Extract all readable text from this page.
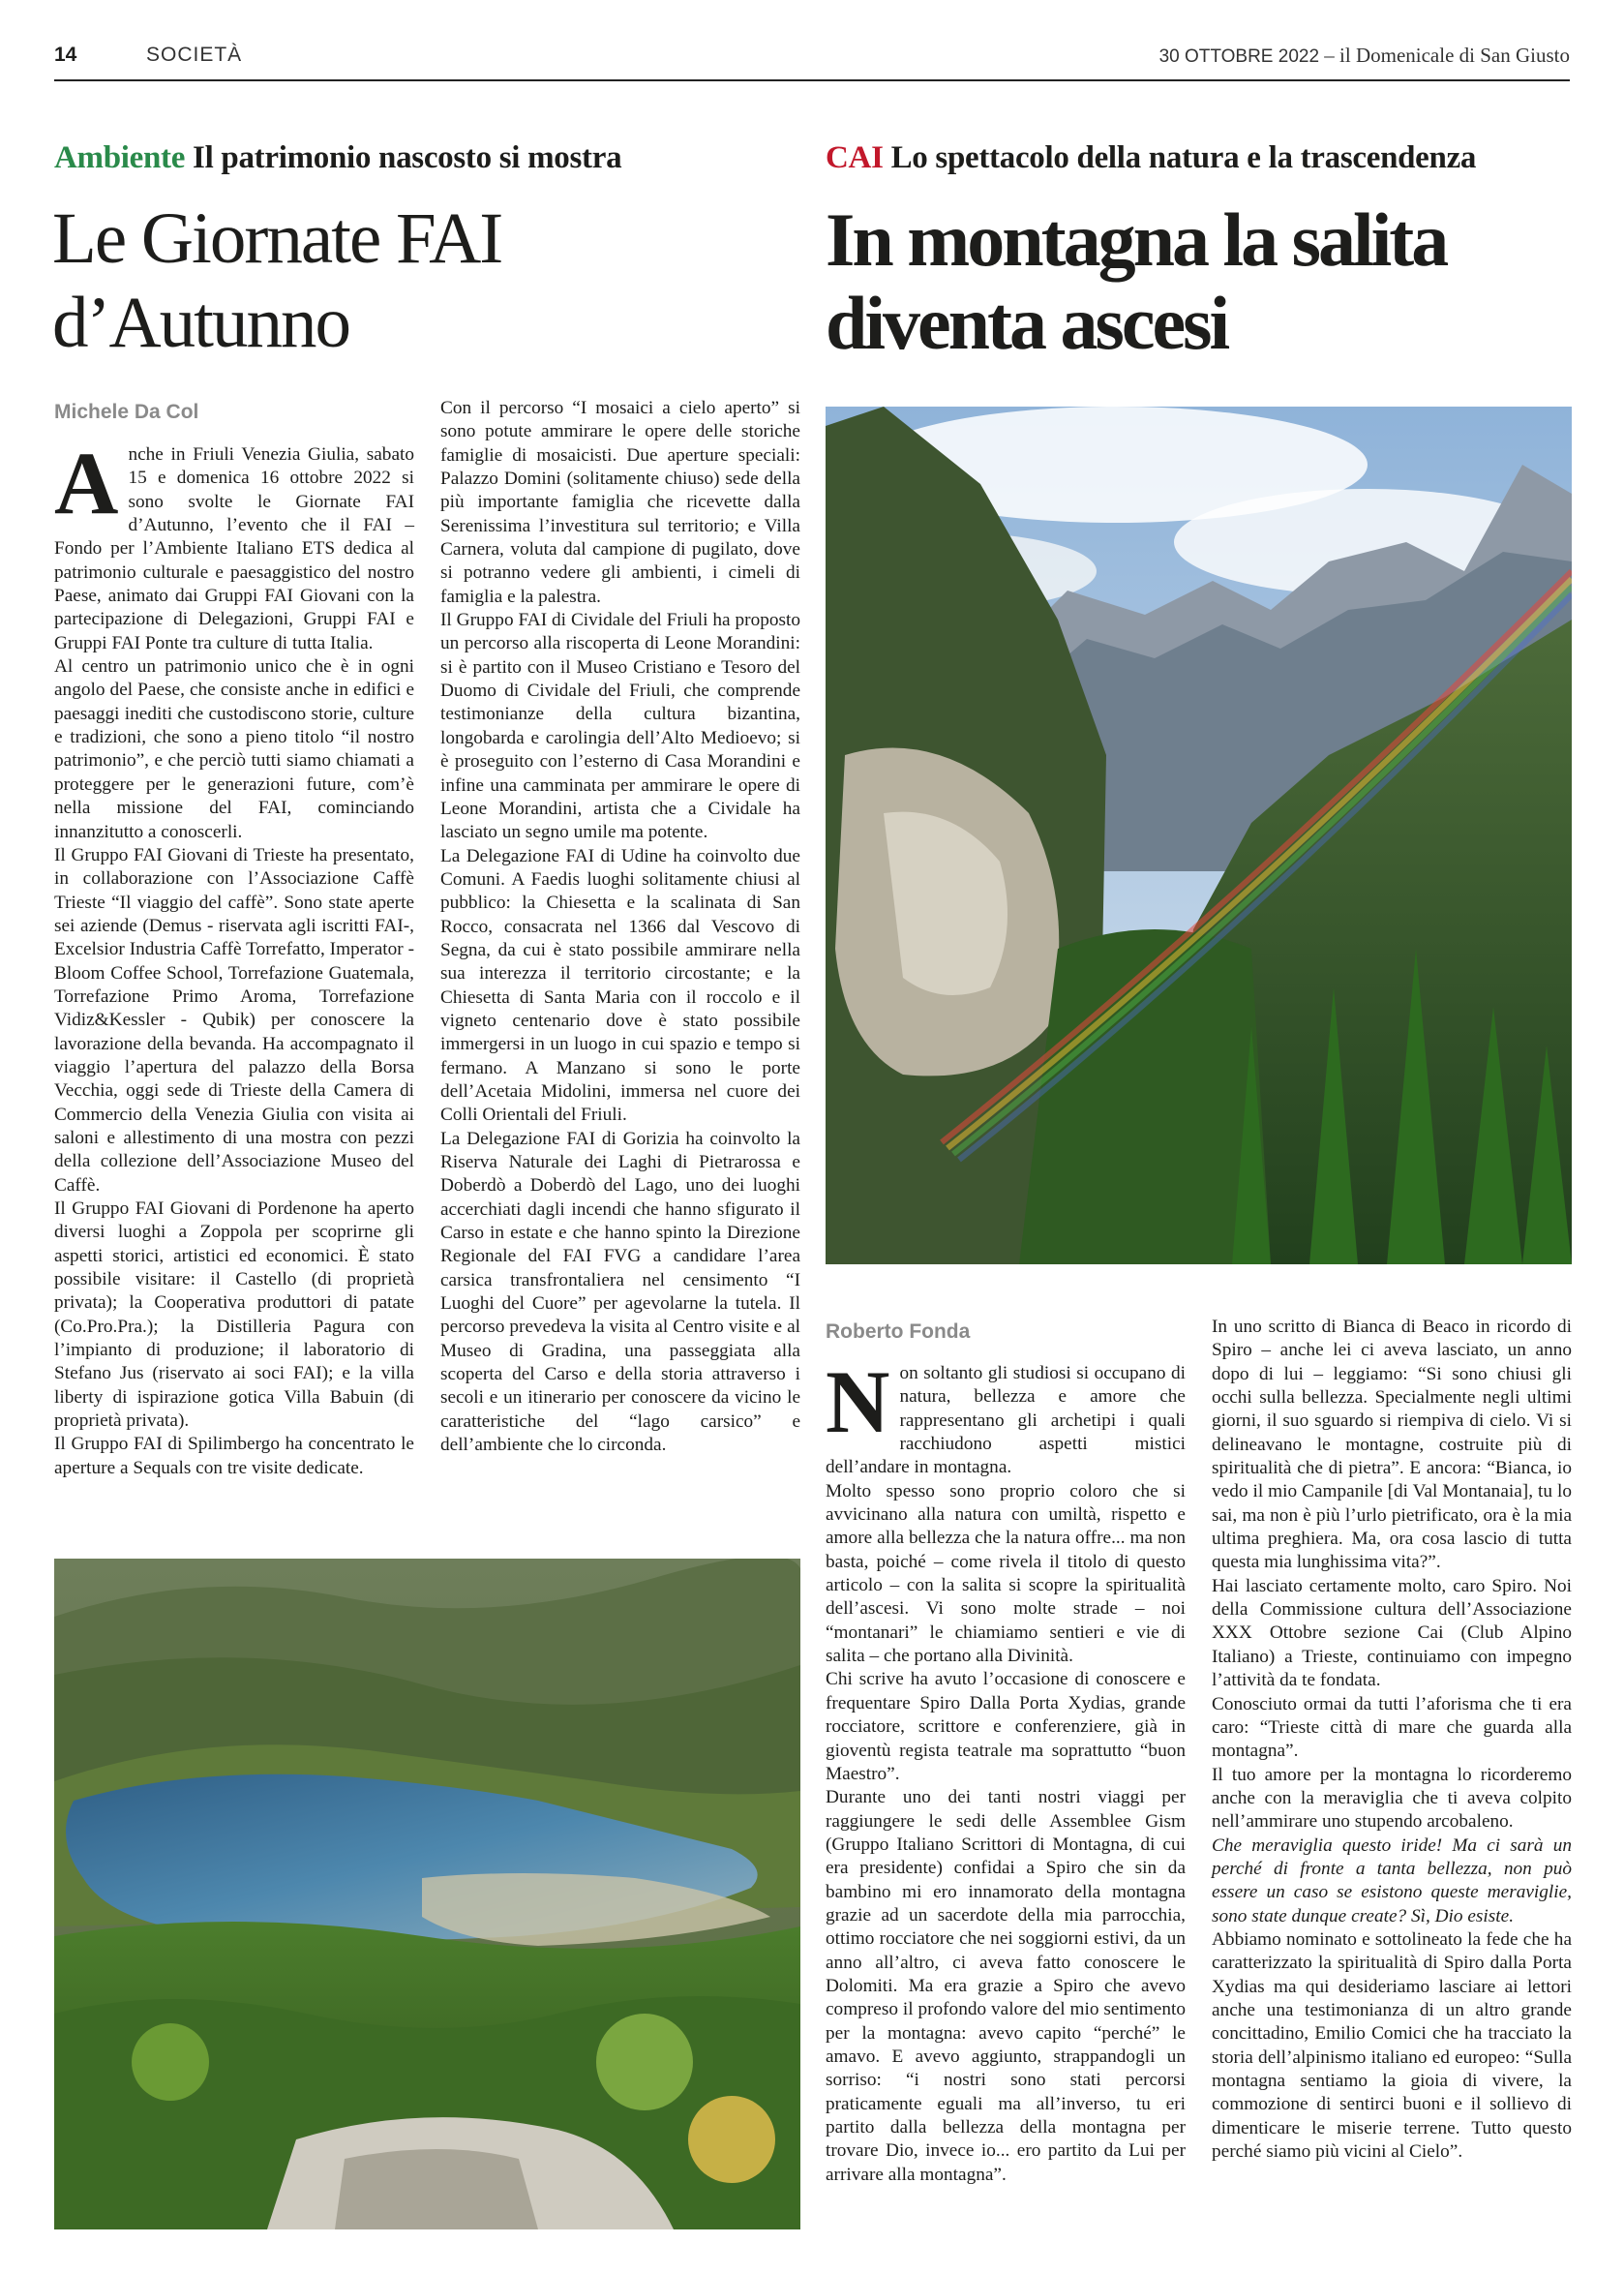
14	SOCIETÀ	30 OTTOBRE 2022 – il Domenicale di San Giusto
Ambiente Il patrimonio nascosto si mostra
Le Giornate FAI
d’Autunno
Michele Da Col

Anche in Friuli Venezia Giulia, sabato 15 e domenica 16 ottobre 2022 si sono svolte le Giornate FAI d’Autunno, l’evento che il FAI – Fondo per l’Ambiente Italiano ETS dedica al patrimonio culturale e paesaggistico del nostro Paese, animato dai Gruppi FAI Giovani con la partecipazione di Delegazioni, Gruppi FAI e Gruppi FAI Ponte tra culture di tutta Italia.

Al centro un patrimonio unico che è in ogni angolo del Paese, che consiste anche in edifici e paesaggi inediti che custodiscono storie, culture e tradizioni, che sono a pieno titolo “il nostro patrimonio”, e che perciò tutti siamo chiamati a proteggere per le generazioni future, com’è nella missione del FAI, cominciando innanzitutto a conoscerli.

Il Gruppo FAI Giovani di Trieste ha presentato, in collaborazione con l’Associazione Caffè Trieste “Il viaggio del caffè”. Sono state aperte sei aziende (Demus - riservata agli iscritti FAI-, Excelsior Industria Caffè Torrefatto, Imperator - Bloom Coffee School, Torrefazione Guatemala, Torrefazione Primo Aroma, Torrefazione Vidiz&Kessler - Qubik) per conoscere la lavorazione della bevanda. Ha accompagnato il viaggio l’apertura del palazzo della Borsa Vecchia, oggi sede di Trieste della Camera di Commercio della Venezia Giulia con visita ai saloni e allestimento di una mostra con pezzi della collezione dell’Associazione Museo del Caffè.

Il Gruppo FAI Giovani di Pordenone ha aperto diversi luoghi a Zoppola per scoprirne gli aspetti storici, artistici ed economici. È stato possibile visitare: il Castello (di proprietà privata); la Cooperativa produttori di patate (Co.Pro.Pra.); la Distilleria Pagura con l’impianto di produzione; il laboratorio di Stefano Jus (riservato ai soci FAI); e la villa liberty di ispirazione gotica Villa Babuin (di proprietà privata).

Il Gruppo FAI di Spilimbergo ha concentrato le aperture a Sequals con tre visite dedicate.

Con il percorso “I mosaici a cielo aperto” si sono potute ammirare le opere delle storiche famiglie di mosaicisti. Due aperture speciali: Palazzo Domini (solitamente chiuso) sede della più importante famiglia che ricevette dalla Serenissima l’investitura sul territorio; e Villa Carnera, voluta dal campione di pugilato, dove si potranno vedere gli ambienti, i cimeli di famiglia e la palestra.

Il Gruppo FAI di Cividale del Friuli ha proposto un percorso alla riscoperta di Leone Morandini: si è partito con il Museo Cristiano e Tesoro del Duomo di Cividale del Friuli, che comprende testimonianze della cultura bizantina, longobarda e carolingia dell’Alto Medioevo; si è proseguito con l’esterno di Casa Morandini e infine una camminata per ammirare le opere di Leone Morandini, artista che a Cividale ha lasciato un segno umile ma potente.

La Delegazione FAI di Udine ha coinvolto due Comuni. A Faedis luoghi solitamente chiusi al pubblico: la Chiesetta e la scalinata di San Rocco, consacrata nel 1366 dal Vescovo di Segna, da cui è stato possibile ammirare nella sua interezza il territorio circostante; e la Chiesetta di Santa Maria con il roccolo e il vigneto centenario dove è stato possibile immergersi in un luogo in cui spazio e tempo si fermano. A Manzano si sono le porte dell’Acetaia Midolini, immersa nel cuore dei Colli Orientali del Friuli.

La Delegazione FAI di Gorizia ha coinvolto la Riserva Naturale dei Laghi di Pietrarossa e Doberdò a Doberdò del Lago, uno dei luoghi accerchiati dagli incendi che hanno sfigurato il Carso in estate e che hanno spinto la Direzione Regionale del FAI FVG a candidare l’area carsica transfrontaliera nel censimento “I Luoghi del Cuore” per agevolarne la tutela. Il percorso prevedeva la visita al Centro visite e al Museo di Gradina, una passeggiata alla scoperta del Carso e della storia attraverso i secoli e un itinerario per conoscere da vicino le caratteristiche del “lago carsico” e dell’ambiente che lo circonda.

CAI Lo spettacolo della natura e la trascendenza
In montagna la salita
diventa ascesi
Roberto Fonda

Non soltanto gli studiosi si occupano di natura, bellezza e amore che rappresentano gli archetipi i quali racchiudono aspetti mistici dell’andare in montagna.

Molto spesso sono proprio coloro che si avvicinano alla natura con umiltà, rispetto e amore alla bellezza che la natura offre... ma non basta, poiché – come rivela il titolo di questo articolo – con la salita si scopre la spiritualità dell’ascesi. Vi sono molte strade – noi “montanari” le chiamiamo sentieri e vie di salita – che portano alla Divinità.

Chi scrive ha avuto l’occasione di conoscere e frequentare Spiro Dalla Porta Xydias, grande rocciatore, scrittore e conferenziere, già in gioventù regista teatrale ma soprattutto “buon Maestro”.

Durante uno dei tanti nostri viaggi per raggiungere le sedi delle Assemblee Gism (Gruppo Italiano Scrittori di Montagna, di cui era presidente) confidai a Spiro che sin da bambino mi ero innamorato della montagna grazie ad un sacerdote della mia parrocchia, ottimo rocciatore che nei soggiorni estivi, da un anno all’altro, ci aveva fatto conoscere le Dolomiti. Ma era grazie a Spiro che avevo compreso il profondo valore del mio sentimento per la montagna: avevo capito “perché” le amavo. E avevo aggiunto, strappandogli un sorriso: “i nostri sono stati percorsi praticamente eguali ma all’inverso, tu eri partito dalla bellezza della montagna per trovare Dio, invece io... ero partito da Lui per arrivare alla montagna”.

In uno scritto di Bianca di Beaco in ricordo di Spiro – anche lei ci aveva lasciato, un anno dopo di lui – leggiamo: “Si sono chiusi gli occhi sulla bellezza. Specialmente negli ultimi giorni, il suo sguardo si riempiva di cielo. Vi si delineavano le montagne, costruite più di spiritualità che di pietra”. E ancora: “Bianca, io vedo il mio Campanile [di Val Montanaia], tu lo sai, ma non è più l’urlo pietrificato, ora è la mia ultima preghiera. Ma, ora cosa lascio di tutta questa mia lunghissima vita?”.

Hai lasciato certamente molto, caro Spiro. Noi della Commissione cultura dell’Associazione XXX Ottobre sezione Cai (Club Alpino Italiano) a Trieste, continuiamo con impegno l’attività da te fondata.

Conosciuto ormai da tutti l’aforisma che ti era caro: “Trieste città di mare che guarda alla montagna”.

Il tuo amore per la montagna lo ricorderemo anche con la meraviglia che ti aveva colpito nell’ammirare uno stupendo arcobaleno.

Che meraviglia questo iride! Ma ci sarà un perché di fronte a tanta bellezza, non può essere un caso se esistono queste meraviglie, sono state dunque create? Sì, Dio esiste.

Abbiamo nominato e sottolineato la fede che ha caratterizzato la spiritualità di Spiro dalla Porta Xydias ma qui desideriamo lasciare ai lettori anche una testimonianza di un altro grande concittadino, Emilio Comici che ha tracciato la storia dell’alpinismo italiano ed europeo: “Sulla montagna sentiamo la gioia di vivere, la commozione di sentirci buoni e il sollievo di dimenticare le miserie terrene. Tutto questo perché siamo più vicini al Cielo”.
